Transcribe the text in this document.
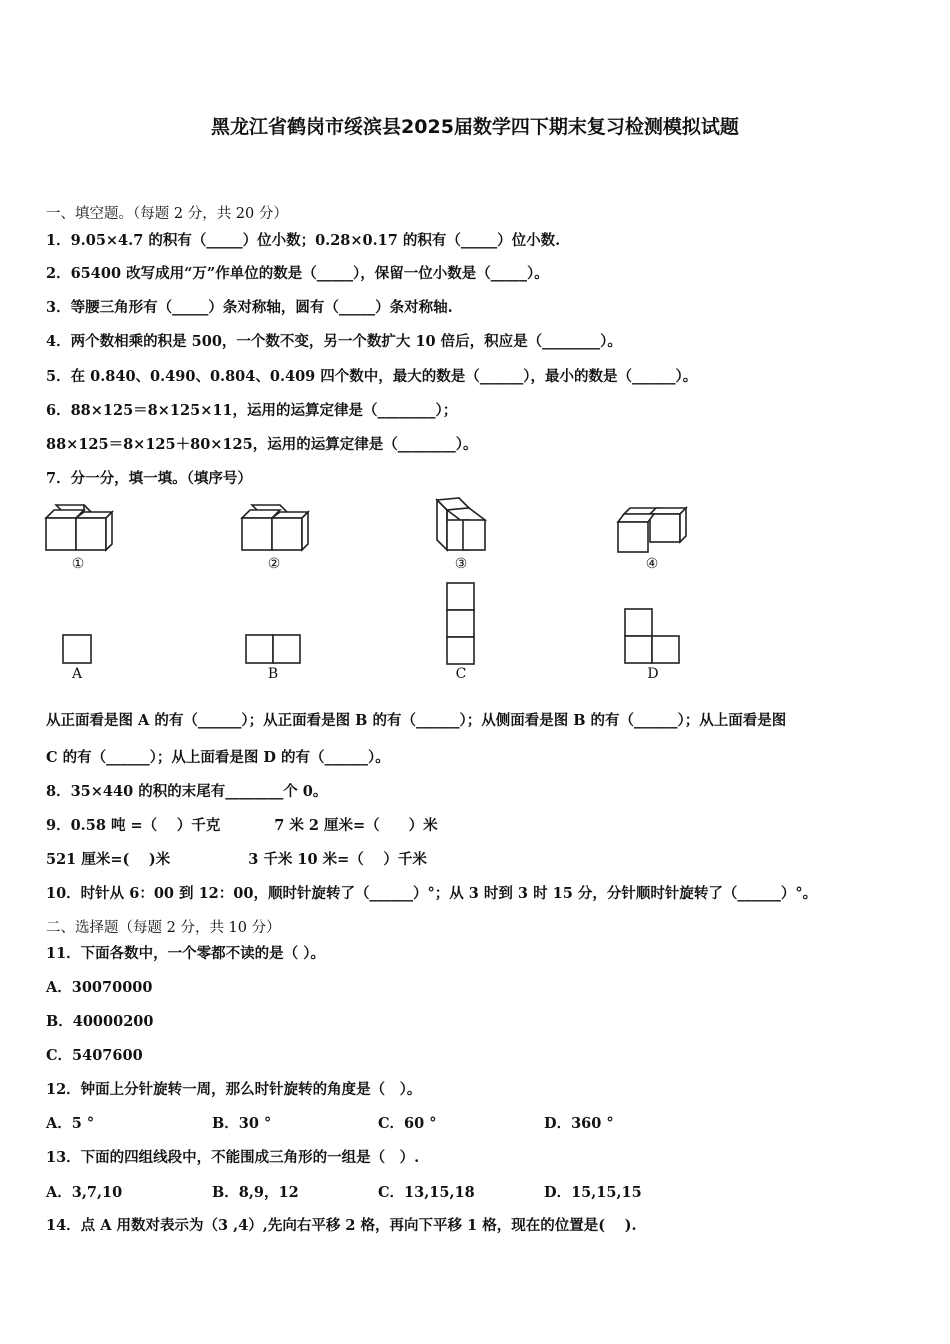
黑龙江省鹤岗市绥滨县2025届数学四下期末复习检测模拟试题
一、填空题。（每题 2 分，共 20 分）
1．9.05×4.7 的积有（_____）位小数；0.28×0.17 的积有（_____）位小数.
2．65400 改写成用“万”作单位的数是（_____），保留一位小数是（_____）。
3．等腰三角形有（_____）条对称轴，圆有（_____）条对称轴.
4．两个数相乘的积是 500，一个数不变，另一个数扩大 10 倍后，积应是（________）。
5．在 0.840、0.490、0.804、0.409 四个数中，最大的数是（______），最小的数是（______）。
6．88×125＝8×125×11，运用的运算定律是（________）；
88×125＝8×125＋80×125，运用的运算定律是（________）。
7．分一分，填一填。（填序号）
①	②	③	④
A	B	C	D
从正面看是图 A 的有（______）；从正面看是图 B 的有（______）；从侧面看是图 B 的有（______）；从上面看是图
C 的有（______）；从上面看是图 D 的有（______）。
8．35×440 的积的末尾有________个 0。
9．0.58 吨 =（　 ）千克	7 米 2 厘米=（　　）米
521 厘米=(　 )米	3 千米 10 米=（　 ）千米
10．时针从 6：00 到 12：00，顺时针旋转了（______）°；从 3 时到 3 时 15 分，分针顺时针旋转了（______）°。
二、选择题（每题 2 分，共 10 分）
11．下面各数中，一个零都不读的是（ ）。
A．30070000
B．40000200
C．5407600
12．钟面上分针旋转一周，那么时针旋转的角度是（　）。
A．5 °	B．30 °	C．60 °	D．360 °
13．下面的四组线段中，不能围成三角形的一组是（　）.
A．3,7,10	B．8,9，12	C．13,15,18	D．15,15,15
14．点 A 用数对表示为（3 ,4）,先向右平移 2 格，再向下平移 1 格，现在的位置是(　 ).
